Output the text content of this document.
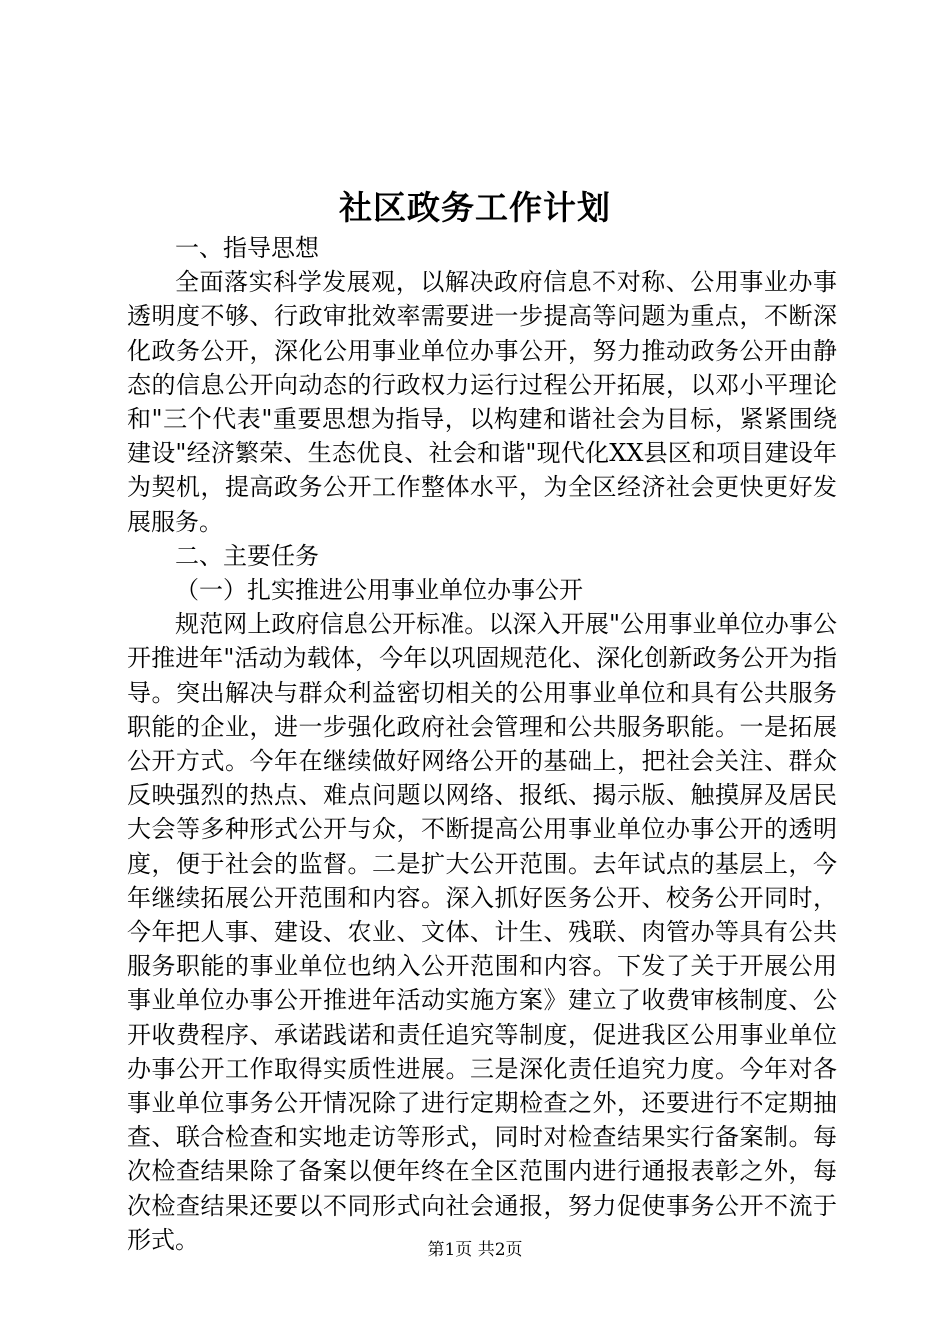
社区政务工作计划

一、指导思想

全面落实科学发展观，以解决政府信息不对称、公用事业办事透明度不够、行政审批效率需要进一步提高等问题为重点，不断深化政务公开，深化公用事业单位办事公开，努力推动政务公开由静态的信息公开向动态的行政权力运行过程公开拓展，以邓小平理论和"三个代表"重要思想为指导，以构建和谐社会为目标，紧紧围绕建设"经济繁荣、生态优良、社会和谐"现代化XX县区和项目建设年为契机，提高政务公开工作整体水平，为全区经济社会更快更好发展服务。

二、主要任务

（一）扎实推进公用事业单位办事公开

规范网上政府信息公开标准。以深入开展"公用事业单位办事公开推进年"活动为载体，今年以巩固规范化、深化创新政务公开为指导。突出解决与群众利益密切相关的公用事业单位和具有公共服务职能的企业，进一步强化政府社会管理和公共服务职能。一是拓展公开方式。今年在继续做好网络公开的基础上，把社会关注、群众反映强烈的热点、难点问题以网络、报纸、揭示版、触摸屏及居民大会等多种形式公开与众，不断提高公用事业单位办事公开的透明度，便于社会的监督。二是扩大公开范围。去年试点的基层上，今年继续拓展公开范围和内容。深入抓好医务公开、校务公开同时，今年把人事、建设、农业、文体、计生、残联、肉管办等具有公共服务职能的事业单位也纳入公开范围和内容。下发了关于开展公用事业单位办事公开推进年活动实施方案》建立了收费审核制度、公开收费程序、承诺践诺和责任追究等制度，促进我区公用事业单位办事公开工作取得实质性进展。三是深化责任追究力度。今年对各事业单位事务公开情况除了进行定期检查之外，还要进行不定期抽查、联合检查和实地走访等形式，同时对检查结果实行备案制。每次检查结果除了备案以便年终在全区范围内进行通报表彰之外，每次检查结果还要以不同形式向社会通报，努力促使事务公开不流于形式。	第1页 共2页
